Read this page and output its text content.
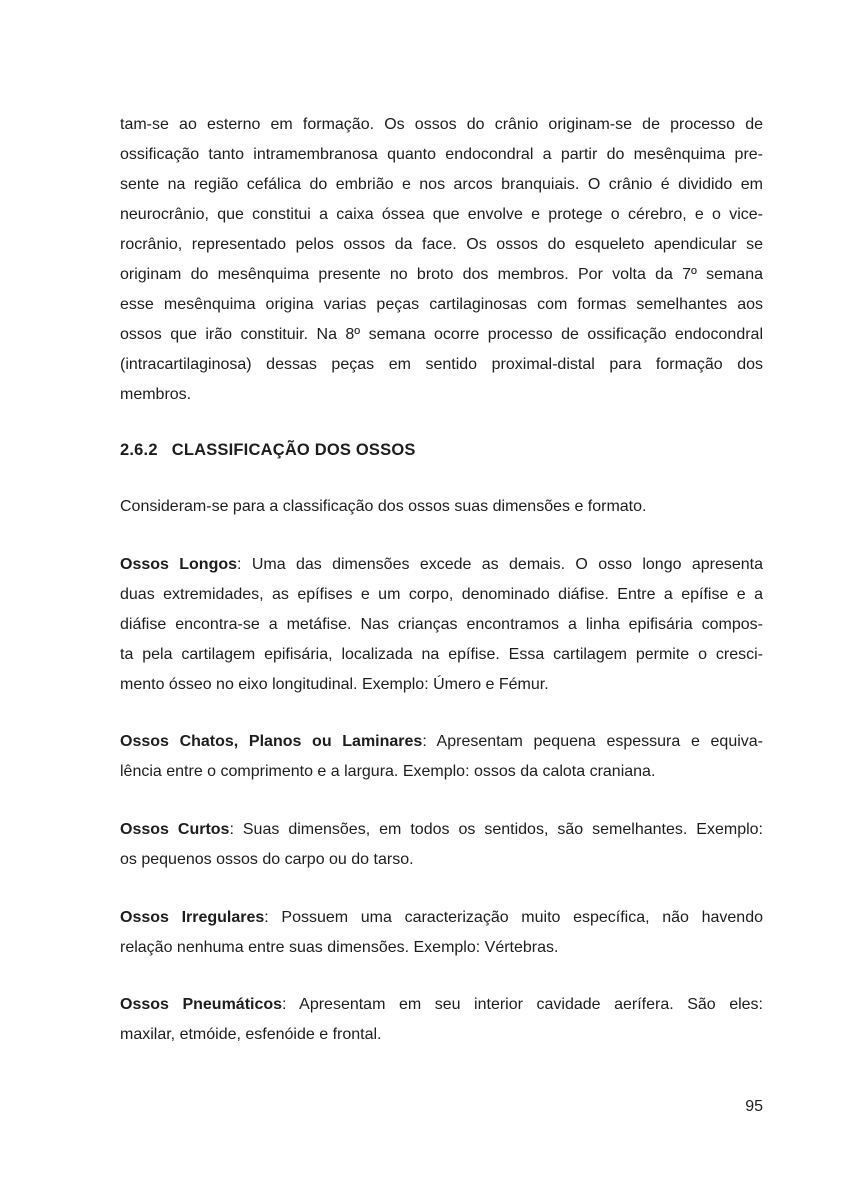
tam-se ao esterno em formação. Os ossos do crânio originam-se de processo de
ossificação tanto intramembranosa quanto endocondral a partir do mesênquima pre-
sente na região cefálica do embrião e nos arcos branquiais. O crânio é dividido em
neurocrânio, que constitui a caixa óssea que envolve e protege o cérebro, e o vice-
rocrânio, representado pelos ossos da face. Os ossos do esqueleto apendicular se
originam do mesênquima presente no broto dos membros. Por volta da 7º semana
esse mesênquima origina varias peças cartilaginosas com formas semelhantes aos
ossos que irão constituir. Na 8º semana ocorre processo de ossificação endocondral
(intracartilaginosa) dessas peças em sentido proximal-distal para formação dos
membros.
2.6.2 CLASSIFICAÇÃO DOS OSSOS
Consideram-se para a classificação dos ossos suas dimensões e formato.
Ossos Longos: Uma das dimensões excede as demais. O osso longo apresenta
duas extremidades, as epífises e um corpo, denominado diáfise. Entre a epífise e a
diáfise encontra-se a metáfise. Nas crianças encontramos a linha epifisária compos-
ta pela cartilagem epifisária, localizada na epífise. Essa cartilagem permite o cresci-
mento ósseo no eixo longitudinal. Exemplo: Úmero e Fémur.
Ossos Chatos, Planos ou Laminares: Apresentam pequena espessura e equiva-
lência entre o comprimento e a largura. Exemplo: ossos da calota craniana.
Ossos Curtos: Suas dimensões, em todos os sentidos, são semelhantes. Exemplo:
os pequenos ossos do carpo ou do tarso.
Ossos Irregulares: Possuem uma caracterização muito específica, não havendo
relação nenhuma entre suas dimensões. Exemplo: Vértebras.
Ossos Pneumáticos: Apresentam em seu interior cavidade aerífera. São eles:
maxilar, etmóide, esfenóide e frontal.
95
